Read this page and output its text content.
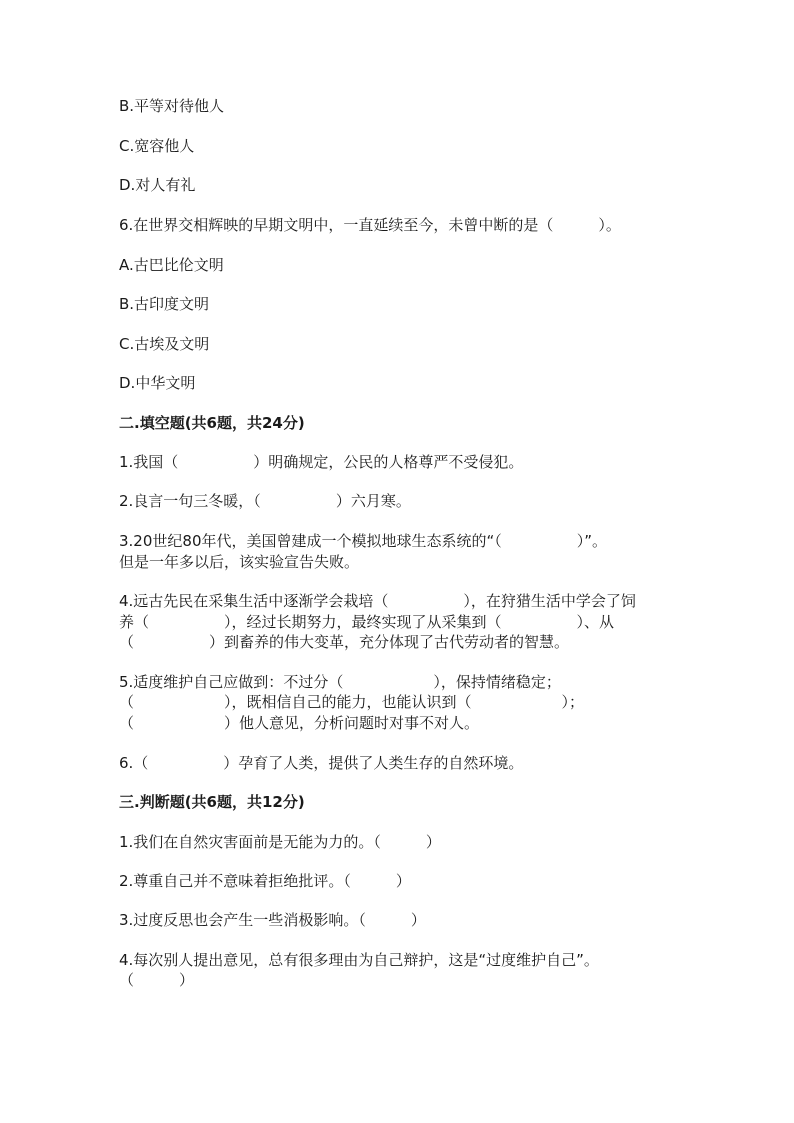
B.平等对待他人

C.宽容他人

D.对人有礼

6.在世界交相辉映的早期文明中，一直延续至今，未曾中断的是（　　　）。

A.古巴比伦文明

B.古印度文明

C.古埃及文明

D.中华文明

二.填空题(共6题，共24分)

1.我国（　　　　　）明确规定，公民的人格尊严不受侵犯。

2.良言一句三冬暖，（　　　　　）六月寒。

3.20世纪80年代，美国曾建成一个模拟地球生态系统的“（　　　　　）”。

但是一年多以后，该实验宣告失败。

4.远古先民在采集生活中逐渐学会栽培（　　　　　），在狩猎生活中学会了饲

养（　　　　　），经过长期努力，最终实现了从采集到（　　　　　）、从

（　　　　　）到畜养的伟大变革，充分体现了古代劳动者的智慧。

5.适度维护自己应做到：不过分（　　　　　　），保持情绪稳定；

（　　　　　　），既相信自己的能力，也能认识到（　　　　　　）；

（　　　　　　）他人意见，分析问题时对事不对人。

6.（　　　　　）孕育了人类，提供了人类生存的自然环境。

三.判断题(共6题，共12分)

1.我们在自然灾害面前是无能为力的。（　　　）

2.尊重自己并不意味着拒绝批评。（　　　）

3.过度反思也会产生一些消极影响。（　　　）

4.每次别人提出意见，总有很多理由为自己辩护，这是“过度维护自己”。

（　　　）
